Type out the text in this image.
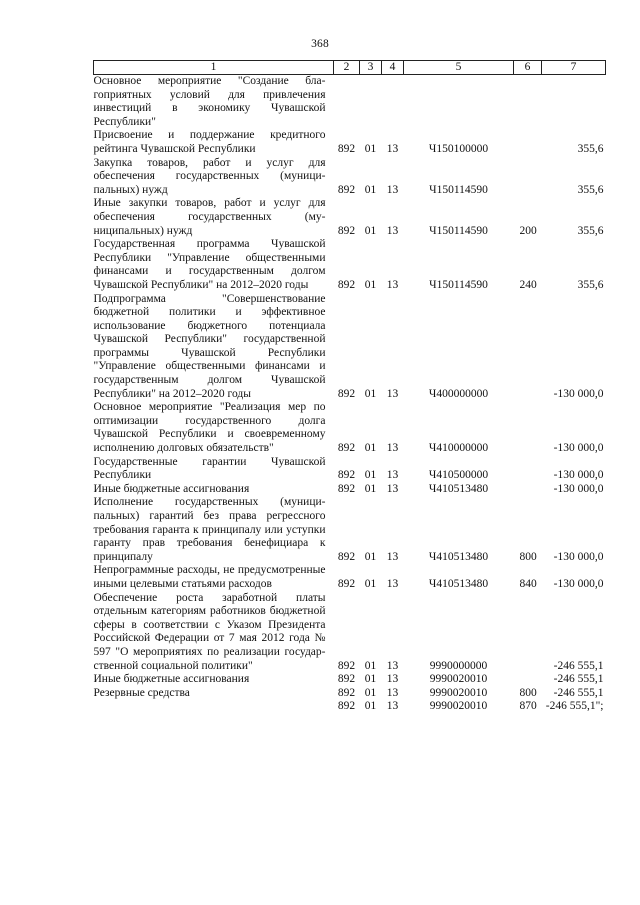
368
1	2	3	4	5	6	7
Основное мероприятие "Создание благоприятных условий для привлечения инвестиций в экономику Чувашской Республики"						
Присвоение и поддержание кредитного рейтинга Чувашской Республики	892	01	13	Ч150100000		355,6
Закупка товаров, работ и услуг для обеспечения государственных (муниципальных) нужд	892	01	13	Ч150114590		355,6
Иные закупки товаров, работ и услуг для обеспечения государственных (муниципальных) нужд	892	01	13	Ч150114590	200	355,6
Государственная программа Чувашской Республики "Управление общественными финансами и государственным долгом Чувашской Республики" на 2012–2020 годы	892	01	13	Ч150114590	240	355,6
Подпрограмма "Совершенствование бюджетной политики и эффективное использование бюджетного потенциала Чувашской Республики" государственной программы Чувашской Республики "Управление общественными финансами и государственным долгом Чувашской Республики" на 2012–2020 годы	892	01	13	Ч400000000		-130 000,0
Основное мероприятие "Реализация мер по оптимизации государственного долга Чувашской Республики и своевременному исполнению долговых обязательств"	892	01	13	Ч410000000		-130 000,0
Государственные гарантии Чувашской Республики	892	01	13	Ч410500000		-130 000,0
Иные бюджетные ассигнования	892	01	13	Ч410513480		-130 000,0
Исполнение государственных (муниципальных) гарантий без права регрессного требования гаранта к принципалу или уступки гаранту прав требования бенефициара к принципалу	892	01	13	Ч410513480	800	-130 000,0
Непрограммные расходы, не предусмотренные иными целевыми статьями расходов	892	01	13	Ч410513480	840	-130 000,0
Обеспечение роста заработной платы отдельным категориям работников бюджетной сферы в соответствии с Указом Президента Российской Федерации от 7 мая 2012 года № 597 "О мероприятиях по реализации государственной социальной политики"	892	01	13	9990000000		-246 555,1
Иные бюджетные ассигнования	892	01	13	9990020010		-246 555,1
Резервные средства	892	01	13	9990020010	800	-246 555,1
	892	01	13	9990020010	870	-246 555,1";
